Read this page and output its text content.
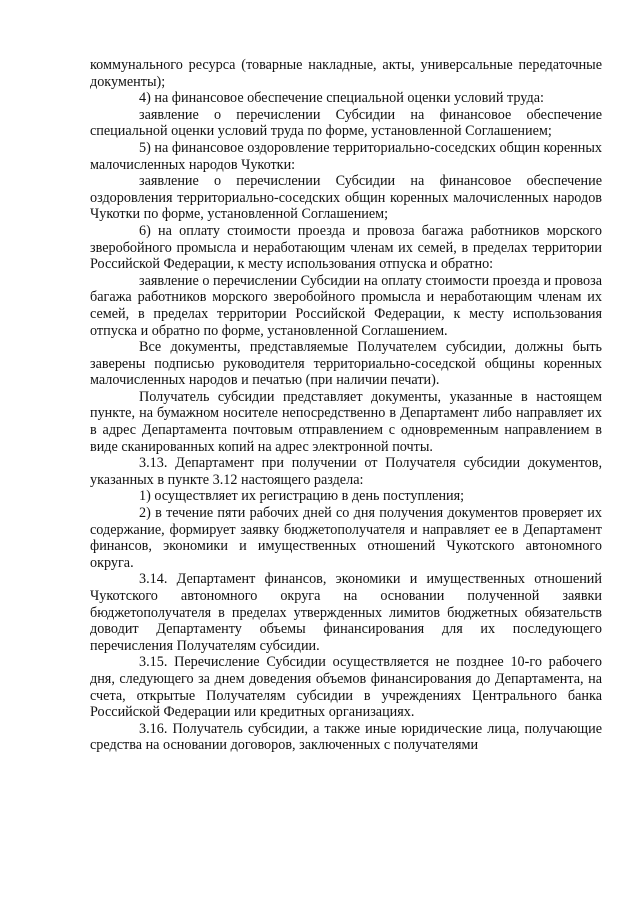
коммунального ресурса (товарные накладные, акты, универсальные передаточные документы);

4) на финансовое обеспечение специальной оценки условий труда:

заявление о перечислении Субсидии на финансовое обеспечение специальной оценки условий труда по форме, установленной Соглашением;

5) на финансовое оздоровление территориально-соседских общин коренных малочисленных народов Чукотки:

заявление о перечислении Субсидии на финансовое обеспечение оздоровления территориально-соседских общин коренных малочисленных народов Чукотки по форме, установленной Соглашением;

6) на оплату стоимости проезда и провоза багажа работников морского зверобойного промысла и неработающим членам их семей, в пределах территории Российской Федерации, к месту использования отпуска и обратно:

заявление о перечислении Субсидии на оплату стоимости проезда и провоза багажа работников морского зверобойного промысла и неработающим членам их семей, в пределах территории Российской Федерации, к месту использования отпуска и обратно по форме, установленной Соглашением.

Все документы, представляемые Получателем субсидии, должны быть заверены подписью руководителя территориально-соседской общины коренных малочисленных народов и печатью (при наличии печати).

Получатель субсидии представляет документы, указанные в настоящем пункте, на бумажном носителе непосредственно в Департамент либо направляет их в адрес Департамента почтовым отправлением с одновременным направлением в виде сканированных копий на адрес электронной почты.

3.13. Департамент при получении от Получателя субсидии документов, указанных в пункте 3.12 настоящего раздела:

1) осуществляет их регистрацию в день поступления;

2) в течение пяти рабочих дней со дня получения документов проверяет их содержание, формирует заявку бюджетополучателя и направляет ее в Департамент финансов, экономики и имущественных отношений Чукотского автономного округа.

3.14. Департамент финансов, экономики и имущественных отношений Чукотского автономного округа на основании полученной заявки бюджетополучателя в пределах утвержденных лимитов бюджетных обязательств доводит Департаменту объемы финансирования для их последующего перечисления Получателям субсидии.

3.15. Перечисление Субсидии осуществляется не позднее 10-го рабочего дня, следующего за днем доведения объемов финансирования до Департамента, на счета, открытые Получателям субсидии в учреждениях Центрального банка Российской Федерации или кредитных организациях.

3.16. Получатель субсидии, а также иные юридические лица, получающие средства на основании договоров, заключенных с получателями
